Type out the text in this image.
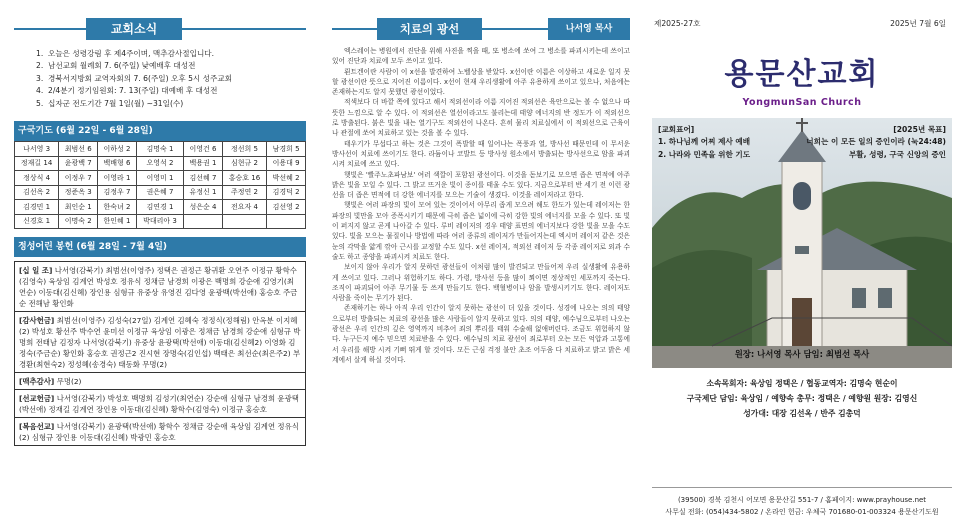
교회소식
1. 오늘은 성령강림 후 제4주이며, 맥추감사절입니다.
2. 남선교회 월례회 7. 6(주일) 낮예배후 대성전
3. 경북서지방회 교역자회의 7. 6(주일) 오후 5시 성주교회
4. 2/4분기 정기임원회: 7. 13(주일) 대예배 후 대성전
5. 십자군 전도기간 7월 1일(월) ~31일(수)
구국기도 (6월 22일 - 6월 28일)
나서영 3	최범선 6	이하성 2	김명숙 1	이영건 6	정선희 5	남경희 5
정재길 14	윤광백 7	백배형 6	오영석 2	백용권 1	심현규 2	이용대 9
정상식 4	이정우 7	이영라 1	이영미 1	김선혜 7	홍승호 16	박선혜 2
김선옥 2	정준옥 3	김정우 7	권은혜 7	유정신 1	주정연 2	김경덕 2
김경민 1	최인순 1	한숙녀 2	김연경 1	성은순 4	전요자 4	김선영 2
신경호 1	이명숙 2	한인혜 1	박대리아 3			
정성어린 봉헌 (6월 28일 - 7월 4일)
[십 일 조] 나서영(감북기) 최범선(이영주) 정택은 권정근 황귀환 오연주 이정규 황학수(김영숙) 육상임 김계연 박성호 정유식 정채금 남경희 이광은 백명희 강순애 김영기(최연순) 이동대(김신혜) 장인용 심형규 유중상 유영진 김다영 윤광백(박선애) 홍승호 주금순 전해남 황인화
[감사헌금] 최범선(이영주) 김성숙(27일) 김계연 김혜숙 정정식(정해림) 안옥분 이지혜(2) 박성호 황선주 박수연 윤미선 이정규 육상임 이광은 정채금 남경희 강순애 심형규 박명희 전태남 김정자 나서영(감북기) 유중상 윤광택(박선애) 이동대(김신혜2) 이영화 김정숙(주금순) 황인화 홍승호 권정근2 진시현 장명숙(김인섭) 백태은 최선순(최은주2) 부경환(최현숙2) 정성혜(송경숙) 태동화 무명(2)
[맥추감사] 무명(2)
[선교헌금] 나서영(감북기) 박성호 백명희 김성기(최연순) 강순애 심형규 남경희 윤광택(박선애) 정재길 김계연 장인용 이동대(김신혜) 황학수(김영숙) 이정규 홍승호
[복음선교] 나서영(감북기) 윤광택(박선애) 황학수 정채금 강순애 육상임 김계연 정유식(2) 심형규 장인용 이동대(김신혜) 박광민 홍승호
치료의 광선	나서영 목사

엑스레이는 병원에서 진단을 위해 사진을 찍을 때, 또 병소에 쏘여 그 병소를 파괴시키는데 쓰이고 있어 진단과 치료에 모두 쓰이고 있다.

뢴트겐이란 사람이 이 x선을 발견하여 노벨상을 받았다. x선이란 이름은 이상하고 새로운 일지 못할 광선이란 뜻으로 지어진 이름이다. x선이 현재 우리생활에 아주 유용하게 쓰이고 있으나, 처음에는 존재하는지도 알지 못했던 광선이었다.

적색보다 더 바깥 쪽에 있다고 해서 적외선이라 이름 지어진 적외선은 육안으로는 볼 수 없으나 따뜻한 느낌으로 알 수 있다. 이 적외선은 열선이라고도 불리는데 태양 에너지의 반 정도가 이 적외선으로 방출된다. 붉은 빛을 내는 열기구도 적외선이 나온다. 흔히 물리 치료실에서 이 적외선으로 근육이나 관절에 쏘여 치료하고 있는 것을 볼 수 있다.

태우기가 무섭다고 하는 것은 그것이 폭발할 때 일어나는 폭풍과 열, 방사선 때문인데 이 무서운 방사선이 치료에 쓰이기도 한다. 라듐이나 코발트 등 방사성 원소에서 방출되는 방사선으로 암을 파괴시켜 치료에 쓰고 있다.

햇빛은 '빨주노초파남보' 여러 색깔이 포함된 광선이다. 이것을 돋보기로 모으면 좁은 면적에 아주 밝은 빛을 모일 수 있다. 그 밝고 뜨거운 빛이 종이를 태울 수도 있다. 지금으로부터 반 세기 전 이런 광선을 더 좁은 면적에 더 강한 에너지를 모으는 기술이 생겼다. 이것을 레이저라고 한다.

햇빛은 여러 파장의 빛이 모여 있는 것이어서 아무리 좁게 모으려 해도 한도가 있는데 레이저는 한 파장의 빛만을 모아 증폭시키기 때문에 극히 좁은 넓이에 극히 강한 빛의 에너지를 모을 수 있다. 또 빛이 퍼지지 않고 곧게 나아갈 수 있다. 루비 레이저의 경우 태양 표면의 에너지보다 강한 빛을 모을 수도 있다. 빛을 모으는 물질이나 방법에 따라 여러 종류의 레이저가 만들어지는데 엑시머 레이저 같은 것은 눈의 각막을 얇게 깎아 근시를 교정할 수도 있다. x선 레이저, 적외선 레이저 등 각종 레이저로 외과 수술도 하고 종양을 파괴시켜 치료도 한다.

보이지 않아 우리가 알지 못하던 광선들이 이처럼 많이 발견되고 만들어져 우리 실생활에 유용하게 쓰이고 있다. 그러나 위험하기도 하다. 가령, 방사선 등을 많이 쬐이면 정상적인 세포까지 죽는다. 조직이 파괴되어 아주 무기물 등 쓰게 만들기도 한다. 백혈병이나 암을 발생시키기도 한다. 레이저도 사람을 죽이는 무기가 된다.

존재하기는 하나 아직 우리 인간이 알지 못하는 광선이 더 있을 것이다. 성경에 나오는 의의 태양으로부터 방출되는 치료의 광선을 많은 사람들이 알지 못하고 있다. 의의 태양, 예수님으로부터 나오는 광선은 우리 인간의 깊은 영역까지 비추어 죄의 뿌리를 태워 수술해 없애버린다. 조금도 위험하지 않다. 누구든지 예수 믿으면 치료받을 수 있다. 예수님의 치료 광선이 죄로부터 오는 모든 억압과 고통에서 우리를 해방 시켜 기뻐 뛰게 할 것이다. 모든 근심 걱정 불안 초조 어두움 다 치료하고 밝고 밝은 세계에서 살게 하실 것이다.

제2025-27호	2025년 7월 6일
용문산교회
YongmunSan Church
[교회표어]	[2025년 목표]
1. 하나님께 어찌 제사 예배	너희는 이 모든 일의 증인이라 (눅24:48)
2. 나라와 민족을 위한 기도	부활, 성령, 구국 신앙의 증인
원장: 나서영 목사 담임: 최범선 목사
소속목회자: 육상임 정택은 / 협동교역자: 김명숙 현순이
구국제단 담임: 육상임 / 예향속 총무: 정택은 / 예향원 원장: 김영신
성가대: 대장 김선옥 / 반주 김총덕
(39500) 경북 김천시 어모면 용문산길 551-7 / 홈페이지: www.prayhouse.net
사무실 전화: (054)434-5802 / 온라인 헌금: 우체국 701680-01-003324 용문산기도원
